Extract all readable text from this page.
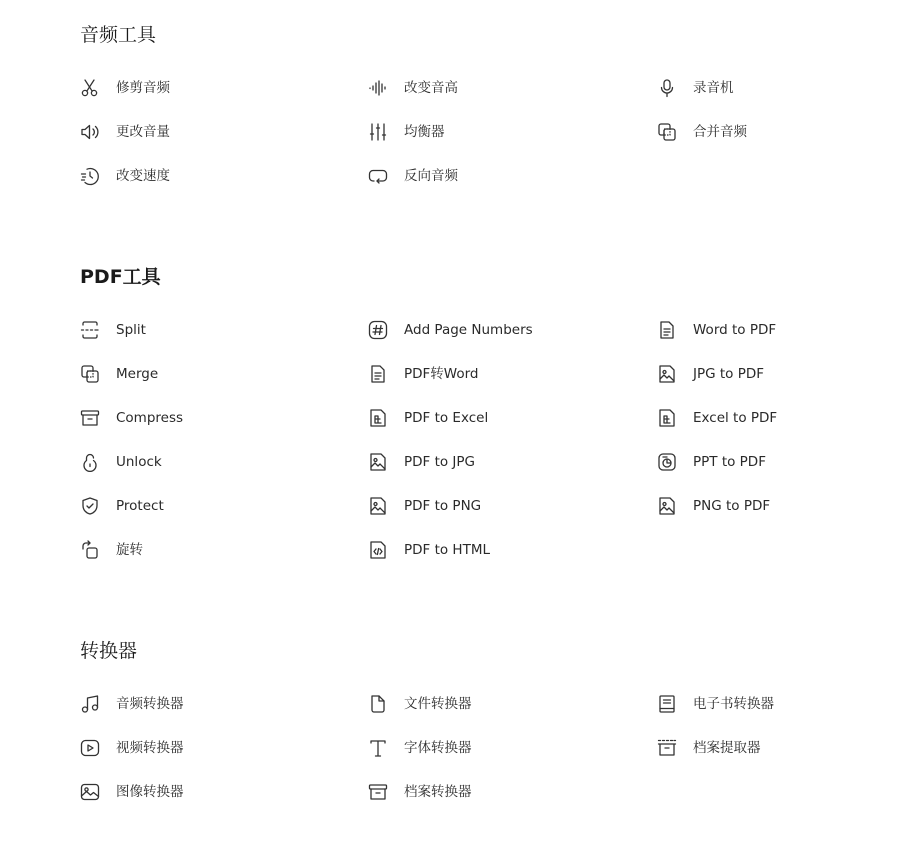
音频工具
修剪音频	改变音高	录音机
更改音量	均衡器	合并音频
改变速度	反向音频
PDF工具
Split	Add Page Numbers	Word to PDF
Merge	PDF转Word	JPG to PDF
Compress	PDF to Excel	Excel to PDF
Unlock	PDF to JPG	PPT to PDF
Protect	PDF to PNG	PNG to PDF
旋转	PDF to HTML
转换器
音频转换器	文件转换器	电子书转换器
视频转换器	字体转换器	档案提取器
图像转换器	档案转换器
